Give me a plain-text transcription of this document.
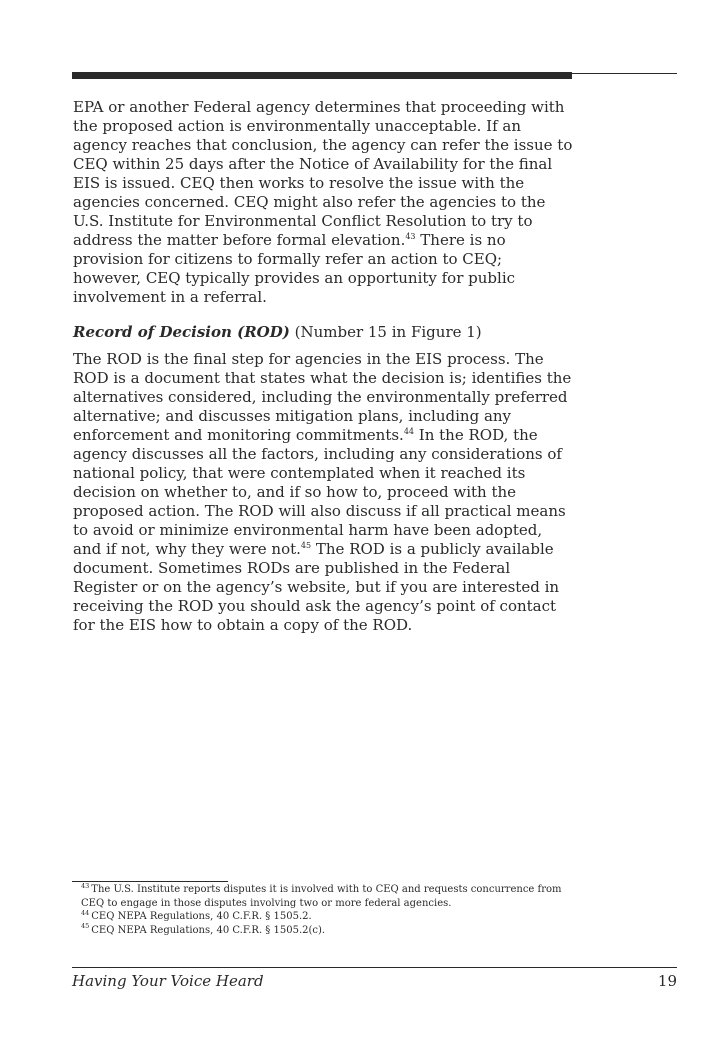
EPA or another Federal agency determines that proceeding with the proposed action is environmentally unacceptable. If an agency reaches that conclusion, the agency can refer the issue to CEQ within 25 days after the Notice of Availability for the final EIS is issued. CEQ then works to resolve the issue with the agencies concerned. CEQ might also refer the agencies to the U.S. Institute for Environmental Conflict Resolution to try to address the matter before formal elevation.$^{43}$ There is no provision for citizens to formally refer an action to CEQ; however, CEQ typically provides an opportunity for public involvement in a referral.

Record of Decision (ROD) (Number 15 in Figure 1)

The ROD is the final step for agencies in the EIS process. The ROD is a document that states what the decision is; identifies the alternatives considered, including the environmentally preferred alternative; and discusses mitigation plans, including any enforcement and monitoring commitments.$^{44}$ In the ROD, the agency discusses all the factors, including any considerations of national policy, that were contemplated when it reached its decision on whether to, and if so how to, proceed with the proposed action. The ROD will also discuss if all practical means to avoid or minimize environmental harm have been adopted, and if not, why they were not.$^{45}$ The ROD is a publicly available document. Sometimes RODs are published in the Federal Register or on the agency’s website, but if you are interested in receiving the ROD you should ask the agency’s point of contact for the EIS how to obtain a copy of the ROD.

$^{43}$ The U.S. Institute reports disputes it is involved with to CEQ and requests concurrence from CEQ to engage in those disputes involving two or more federal agencies.

$^{44}$ CEQ NEPA Regulations, 40 C.F.R. § 1505.2.

$^{45}$ CEQ NEPA Regulations, 40 C.F.R. § 1505.2(c).

Having Your Voice Heard	19
